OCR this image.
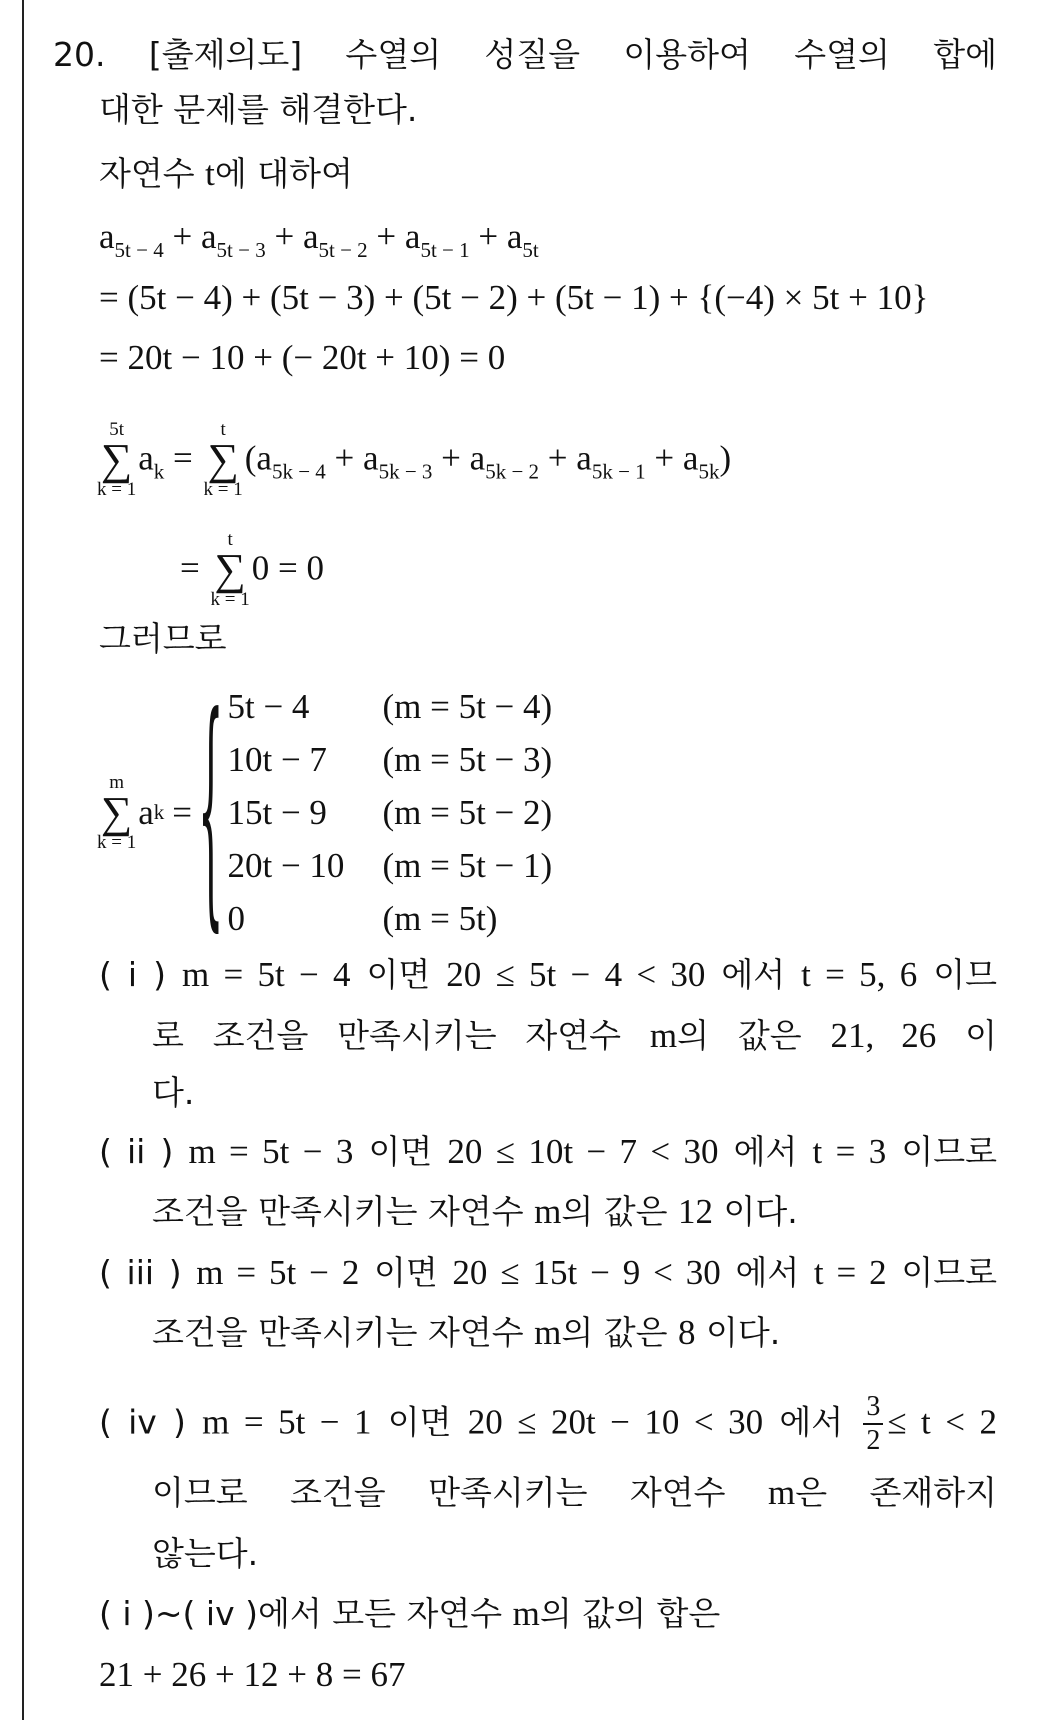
20. [출제의도] 수열의 성질을 이용하여 수열의 합에
대한 문제를 해결한다.
자연수 t에 대하여
$a_{5t - 4} + a_{5t - 3} + a_{5t - 2} + a_{5t - 1} + a_{5t}$
= (5t − 4) + (5t − 3) + (5t − 2) + (5t − 1) + {(−4) × 5t + 10}
= 20t − 10 + (− 20t + 10) = 0
5t
∑
k = 1
$a_k$ =
t
∑
k = 1
$(a_{5k - 4} + a_{5k - 3} + a_{5k - 2} + a_{5k - 1} + a_{5k})$
=
t
∑
k = 1
0 = 0
그러므로
( i ) m = 5t − 4 이면 20 ≤ 5t − 4 < 30 에서 t = 5, 6 이므
로 조건을 만족시키는 자연수 m의 값은 21, 26 이
다.
( ii ) m = 5t − 3 이면 20 ≤ 10t − 7 < 30 에서 t = 3 이므로
조건을 만족시키는 자연수 m의 값은 12 이다.
( iii ) m = 5t − 2 이면 20 ≤ 15t − 9 < 30 에서 t = 2 이므로
조건을 만족시키는 자연수 m의 값은 8 이다.
( iv ) m = 5t − 1 이면 20 ≤ 20t − 10 < 30 에서 $\frac{3}{2} \le t < 2$
이므로 조건을 만족시키는 자연수 m은 존재하지
않는다.
( i )~( iv )에서 모든 자연수 m의 값의 합은
21 + 26 + 12 + 8 = 67
m
∑
k = 1
a k = { 5t − 4	(m = 5t − 4)
10t − 7	(m = 5t − 3)
15t − 9	(m = 5t − 2)
20t − 10	(m = 5t − 1)
0	(m = 5t)
